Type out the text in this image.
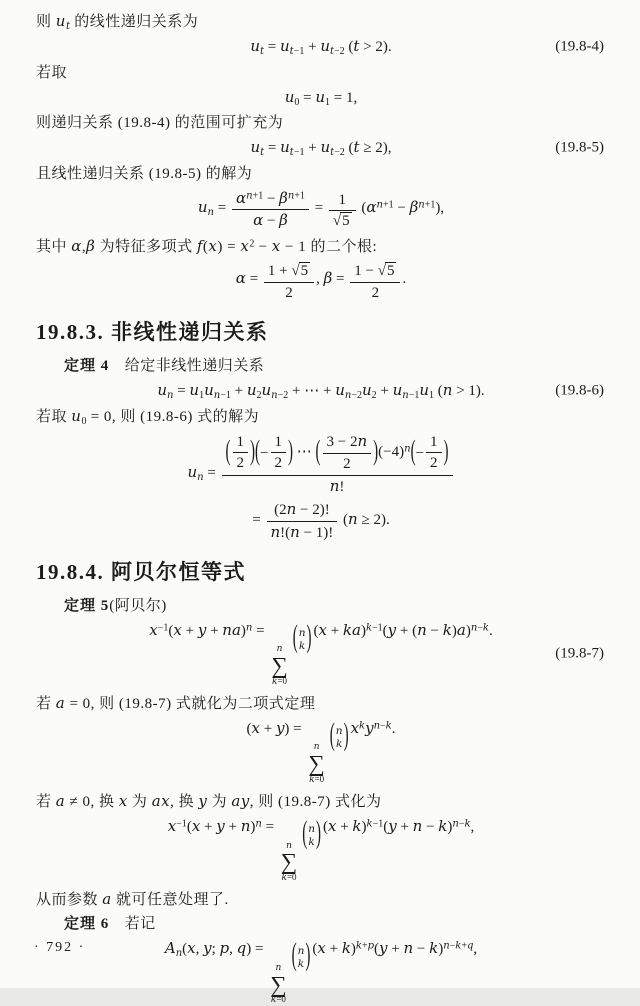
则 $u_t$ 的线性递归关系为
$u_t = u_{t-1} + u_{t-2}$ (t > 2).	(19.8-4)
若取
$u_0 = u_1 = 1$,
则递归关系 (19.8-4) 的范围可扩充为
$u_t = u_{t-1} + u_{t-2}$ (t ≥ 2),	(19.8-5)
且线性递归关系 (19.8-5) 的解为
$u_n = \frac{\alpha^{n+1} - \beta^{n+1}}{\alpha - \beta} = \frac{1}{√5} (\alpha^{n+1} - \beta^{n+1})$,
其中 α,β 为特征多项式 $f(x) = x^2 - x - 1$ 的二个根:
$\alpha = \frac{1 + √5}{2}$ , $\beta = \frac{1 - √5}{2}$ .
19.8.3. 非线性递归关系
定理 4　给定非线性递归关系
$u_n = u_1u_{n-1} + u_2u_{n-2}$ + ⋯ + $u_{n-2}u_2 + u_{n-1}u_1$ (n > 1).	(19.8-6)
若取 $u_0 = 0$, 则 (19.8-6) 式的解为
$u_n = \frac{( \frac{1}{2} ) ( - \frac{1}{2} ) \cdots ( \frac{3 - 2n}{2} ) (-4)^n ( - \frac{1}{2} )}{n!}$
= $\frac{(2n - 2)!}{n!(n - 1)!} (n \ge 2)$.
19.8.4. 阿贝尔恒等式
定理 5(阿贝尔)
$x^{-1}(x + y + na)^n$ =
n
∑
k=0
( n
k ) $(x + ka)^{k-1}(y + (n - k)a)^{n-k}$.
(19.8-7)
若 a = 0, 则 (19.8-7) 式就化为二项式定理
(x + y) =
n
∑
k=0
( n
k ) $x^ky^{n-k}$.
若 a ≠ 0, 换 x 为 ax, 换 y 为 ay, 则 (19.8-7) 式化为
$x^{-1}(x + y + n)^n$ =
n
∑
k=0
( n
k ) $(x + k)^{k-1}(y + n - k)^{n-k}$,
从而参数 a 就可任意处理了.
定理 6　若记
$A_n(x$, y; p, q) =
n
∑
k=0
( n
k ) $(x + k)^{k+p}(y + n - k)^{n-k+q}$,
· 792 ·
